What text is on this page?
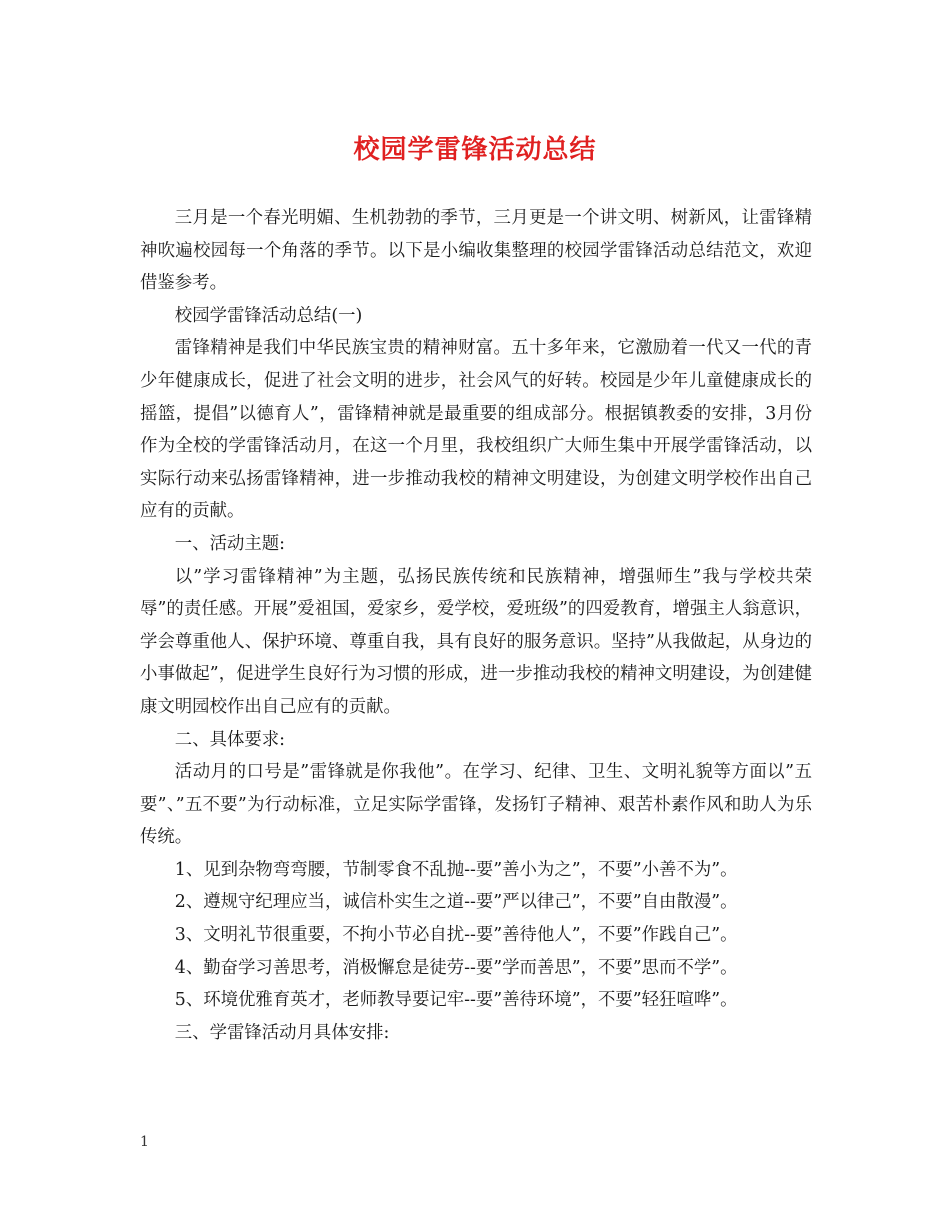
校园学雷锋活动总结

三月是一个春光明媚、生机勃勃的季节，三月更是一个讲文明、树新风，让雷锋精神吹遍校园每一个角落的季节。以下是小编收集整理的校园学雷锋活动总结范文，欢迎借鉴参考。

校园学雷锋活动总结(一)

雷锋精神是我们中华民族宝贵的精神财富。五十多年来，它激励着一代又一代的青少年健康成长，促进了社会文明的进步，社会风气的好转。校园是少年儿童健康成长的摇篮，提倡”以德育人”，雷锋精神就是最重要的组成部分。根据镇教委的安排，3月份作为全校的学雷锋活动月，在这一个月里，我校组织广大师生集中开展学雷锋活动，以实际行动来弘扬雷锋精神，进一步推动我校的精神文明建设，为创建文明学校作出自己应有的贡献。

一、活动主题:

以”学习雷锋精神”为主题，弘扬民族传统和民族精神，增强师生”我与学校共荣辱”的责任感。开展”爱祖国，爱家乡，爱学校，爱班级”的四爱教育，增强主人翁意识，学会尊重他人、保护环境、尊重自我，具有良好的服务意识。坚持”从我做起，从身边的小事做起”，促进学生良好行为习惯的形成，进一步推动我校的精神文明建设，为创建健康文明园校作出自己应有的贡献。

二、具体要求:

活动月的口号是”雷锋就是你我他”。在学习、纪律、卫生、文明礼貌等方面以”五要”、”五不要”为行动标准，立足实际学雷锋，发扬钉子精神、艰苦朴素作风和助人为乐传统。

1、见到杂物弯弯腰，节制零食不乱抛--要”善小为之”，不要”小善不为”。

2、遵规守纪理应当，诚信朴实生之道--要”严以律己”，不要”自由散漫”。

3、文明礼节很重要，不拘小节必自扰--要”善待他人”，不要”作践自己”。

4、勤奋学习善思考，消极懈怠是徒劳--要”学而善思”，不要”思而不学”。

5、环境优雅育英才，老师教导要记牢--要”善待环境”，不要”轻狂喧哗”。

三、学雷锋活动月具体安排:

1
